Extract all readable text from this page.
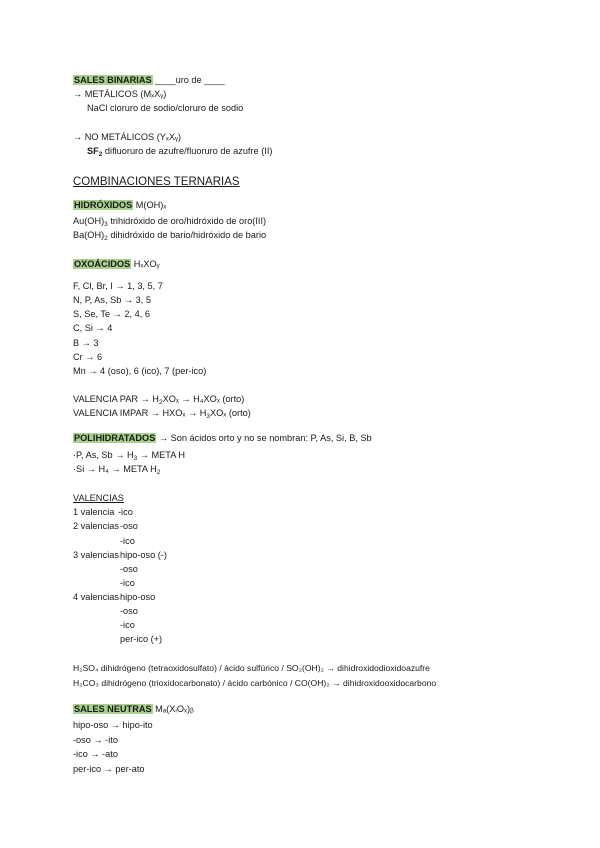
SALES BINARIAS ____uro de ____
→ METÁLICOS (MₓXᵧ)
NaCl cloruro de sodio/cloruro de sodio
→ NO METÁLICOS (YₓXᵧ)
$SF_2$ difluoruro de azufre/fluoruro de azufre (II)
COMBINACIONES TERNARIAS
HIDRÓXIDOS M(OH)ₓ
$Au(OH)_3$ trihidróxido de oro/hidróxido de oro(III)
$Ba(OH)_2$ dihidróxido de bario/hidróxido de bario
OXOÁCIDOS HₓXOᵧ
F, Cl, Br, I → 1, 3, 5, 7
N, P, As, Sb → 3, 5
S, Se, Te → 2, 4, 6
C, Si → 4
B → 3
Cr → 6
Mn → 4 (oso), 6 (ico), 7 (per-ico)
VALENCIA PAR → $H_2XO_x \to H_4XO_x$ (orto)
VALENCIA IMPAR → $HXO_x \to H_3XO_x$ (orto)
POLIHIDRATADOS → Son ácidos orto y no se nombran: P, As, Si, B, Sb
·P, As, $Sb \to H_3$ → META H
·Si → H₄ → META $H_2$
VALENCIAS
1 valencia -ico
2 valencias -oso
-ico
3 valencias hipo-oso (-)
-oso
-ico
4 valencias hipo-oso
-oso
-ico
per-ico (+)
H₂SO₄ dihidrógeno (tetraoxidosulfato) / ácido sulfúrico / SO₂(OH)₂ → dihidroxidodioxidoazufre
H₂CO₃ dihidrógeno (trioxidocarbonato) / ácido carbónico / CO(OH)₂ → dihidroxidooxidocarbono
SALES NEUTRAS Mₐ(XᵢOₓ)ᵦ
hipo-oso → hipo-ito
-oso → -ito
-ico → -ato
per-ico → per-ato
